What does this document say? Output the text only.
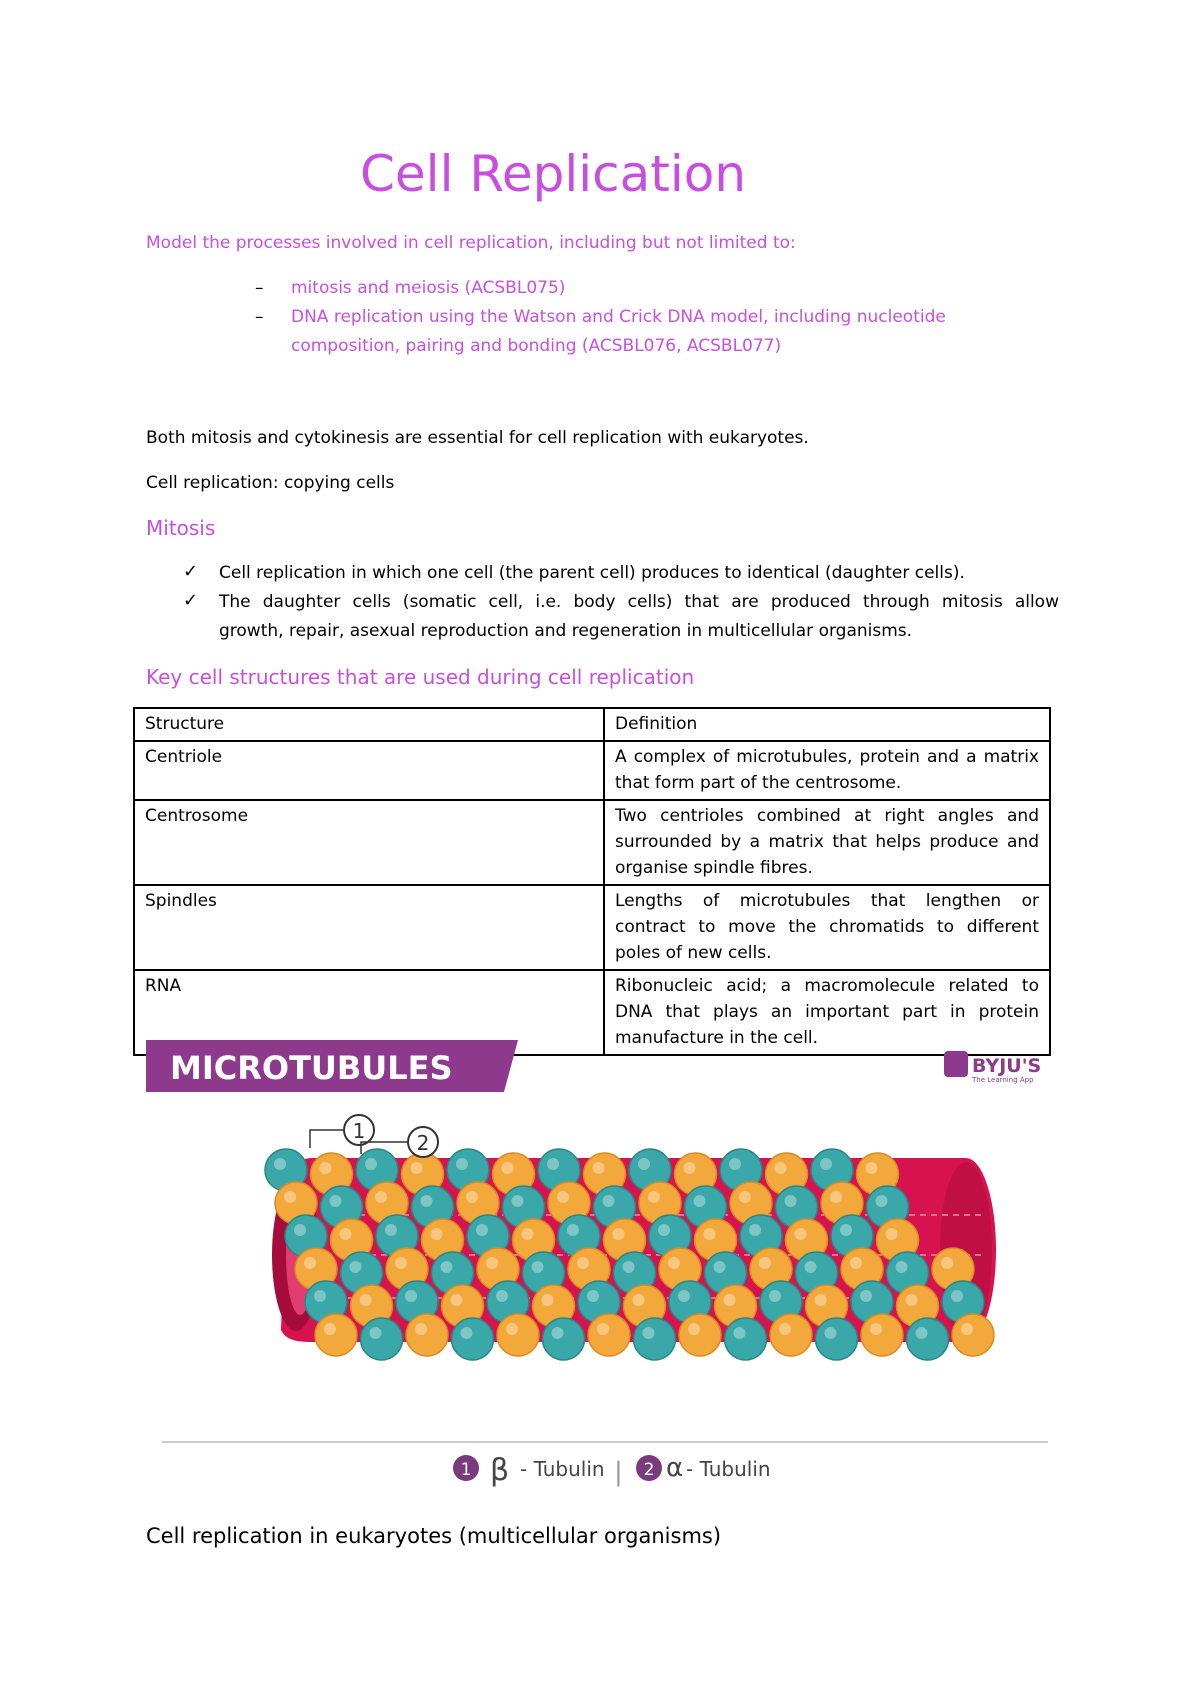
Cell Replication
Model the processes involved in cell replication, including but not limited to:
– mitosis and meiosis (ACSBL075)
– DNA replication using the Watson and Crick DNA model, including nucleotide
composition, pairing and bonding (ACSBL076, ACSBL077)
Both mitosis and cytokinesis are essential for cell replication with eukaryotes.
Cell replication: copying cells
Mitosis
✓ Cell replication in which one cell (the parent cell) produces to identical (daughter cells).
✓ The daughter cells (somatic cell, i.e. body cells) that are produced through mitosis allow
growth, repair, asexual reproduction and regeneration in multicellular organisms.
Key cell structures that are used during cell replication
Structure	Definition
Centriole	A complex of microtubules, protein and a matrix that form part of the centrosome.
Centrosome	Two centrioles combined at right angles and surrounded by a matrix that helps produce and organise spindle fibres.
Spindles	Lengths of microtubules that lengthen or contract to move the chromatids to different poles of new cells.
RNA	Ribonucleic acid; a macromolecule related to DNA that plays an important part in protein manufacture in the cell.
MICROTUBULES	BYJU'S
The Learning App
1	2
1 β - Tubulin | 2 α - Tubulin
Cell replication in eukaryotes (multicellular organisms)
